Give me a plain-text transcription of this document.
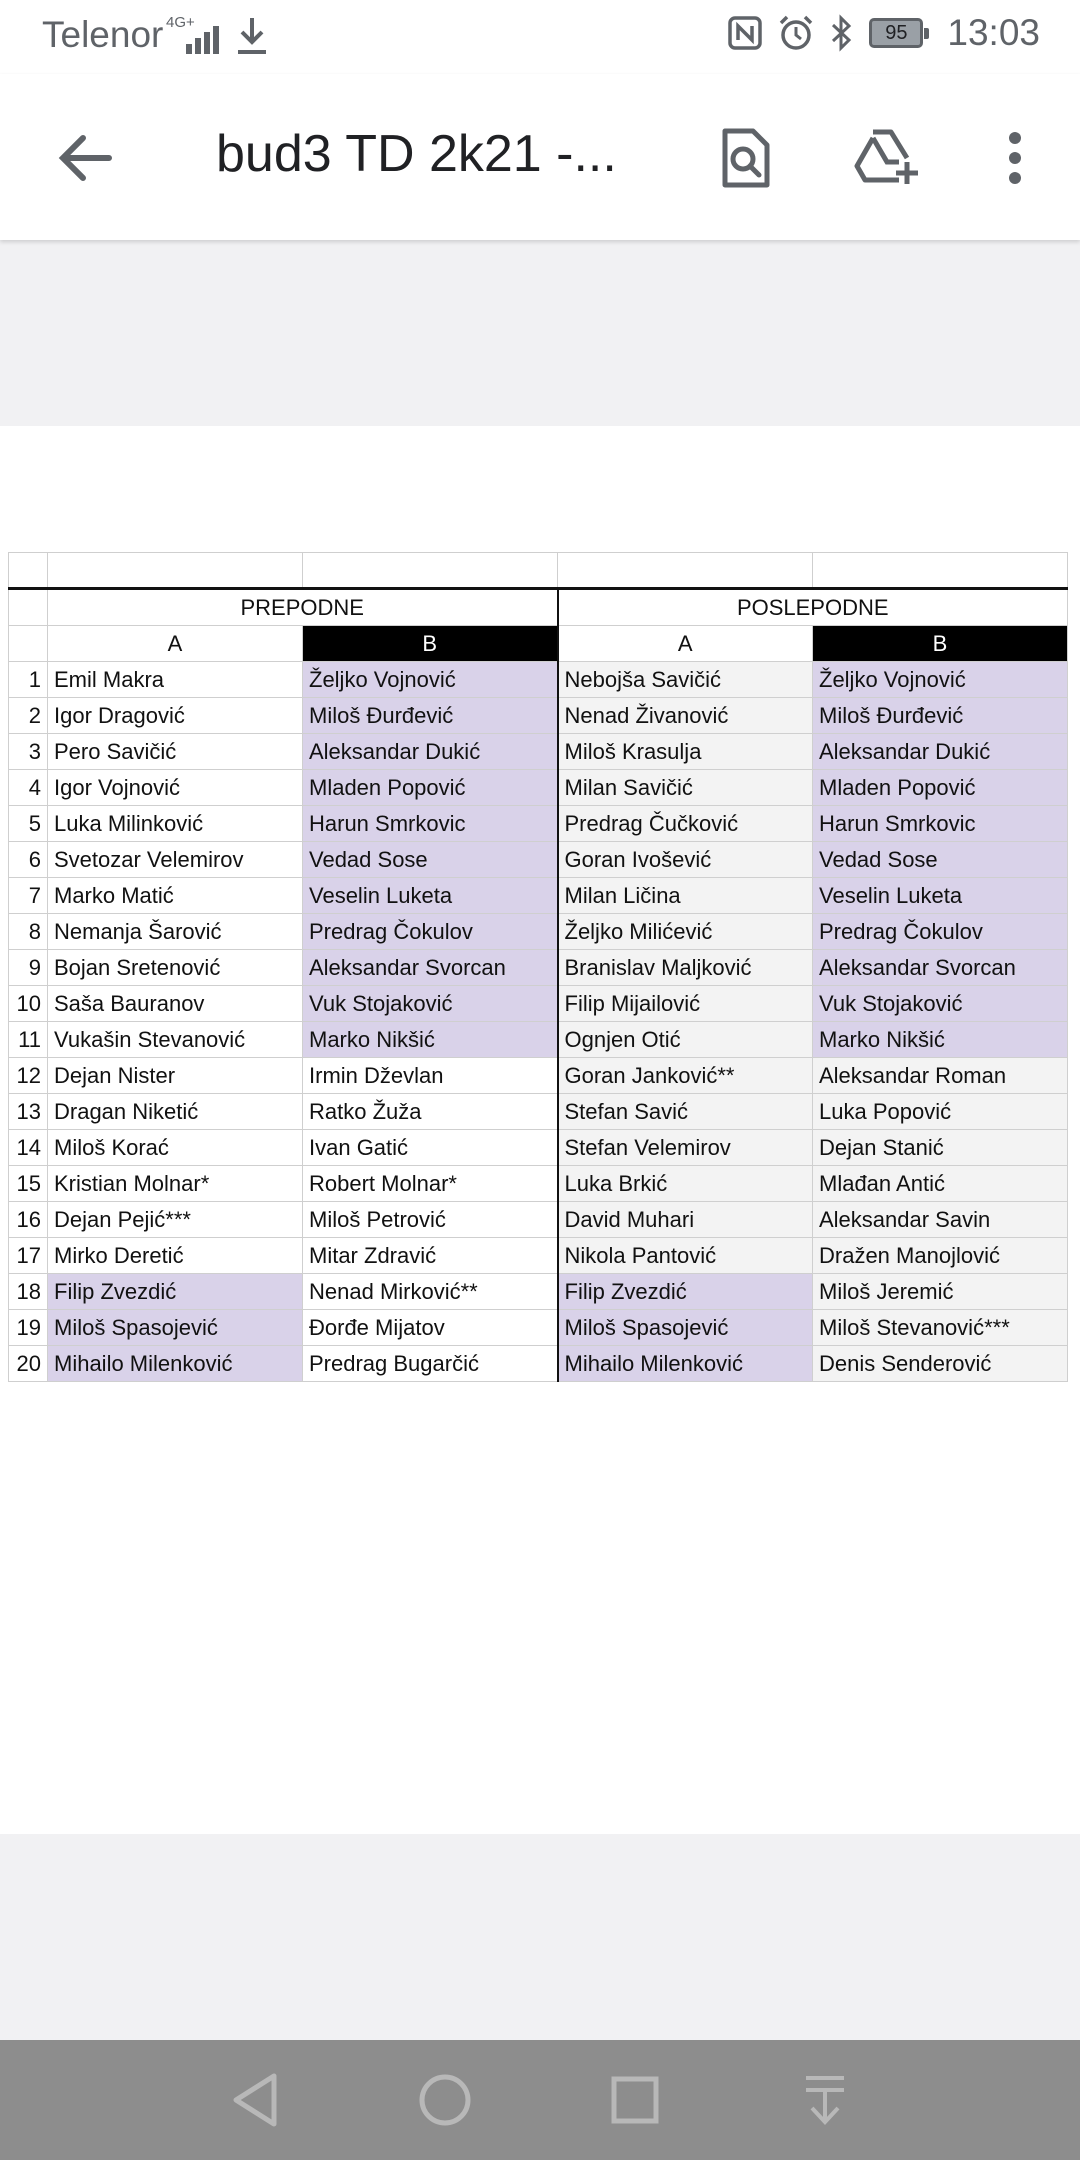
Telenor 4G+	95 13:03
bud3 TD 2k21 -...

	PREPODNE		POSLEPODNE	
	A	B	A	B
1	Emil Makra	Željko Vojnović	Nebojša Savičić	Željko Vojnović
2	Igor Dragović	Miloš Đurđević	Nenad Živanović	Miloš Đurđević
3	Pero Savičić	Aleksandar Dukić	Miloš Krasulja	Aleksandar Dukić
4	Igor Vojnović	Mladen Popović	Milan Savičić	Mladen Popović
5	Luka Milinković	Harun Smrkovic	Predrag Čučković	Harun Smrkovic
6	Svetozar Velemirov	Vedad Sose	Goran Ivošević	Vedad Sose
7	Marko Matić	Veselin Luketa	Milan Ličina	Veselin Luketa
8	Nemanja Šarović	Predrag Čokulov	Željko Milićević	Predrag Čokulov
9	Bojan Sretenović	Aleksandar Svorcan	Branislav Maljković	Aleksandar Svorcan
10	Saša Bauranov	Vuk Stojaković	Filip Mijailović	Vuk Stojaković
11	Vukašin Stevanović	Marko Nikšić	Ognjen Otić	Marko Nikšić
12	Dejan Nister	Irmin Dževlan	Goran Janković**	Aleksandar Roman
13	Dragan Niketić	Ratko Žuža	Stefan Savić	Luka Popović
14	Miloš Korać	Ivan Gatić	Stefan Velemirov	Dejan Stanić
15	Kristian Molnar*	Robert Molnar*	Luka Brkić	Mlađan Antić
16	Dejan Pejić***	Miloš Petrović	David Muhari	Aleksandar Savin
17	Mirko Deretić	Mitar Zdravić	Nikola Pantović	Dražen Manojlović
18	Filip Zvezdić	Nenad Mirković**	Filip Zvezdić	Miloš Jeremić
19	Miloš Spasojević	Đorđe Mijatov	Miloš Spasojević	Miloš Stevanović***
20	Mihailo Milenković	Predrag Bugarčić	Mihailo Milenković	Denis Senderović
